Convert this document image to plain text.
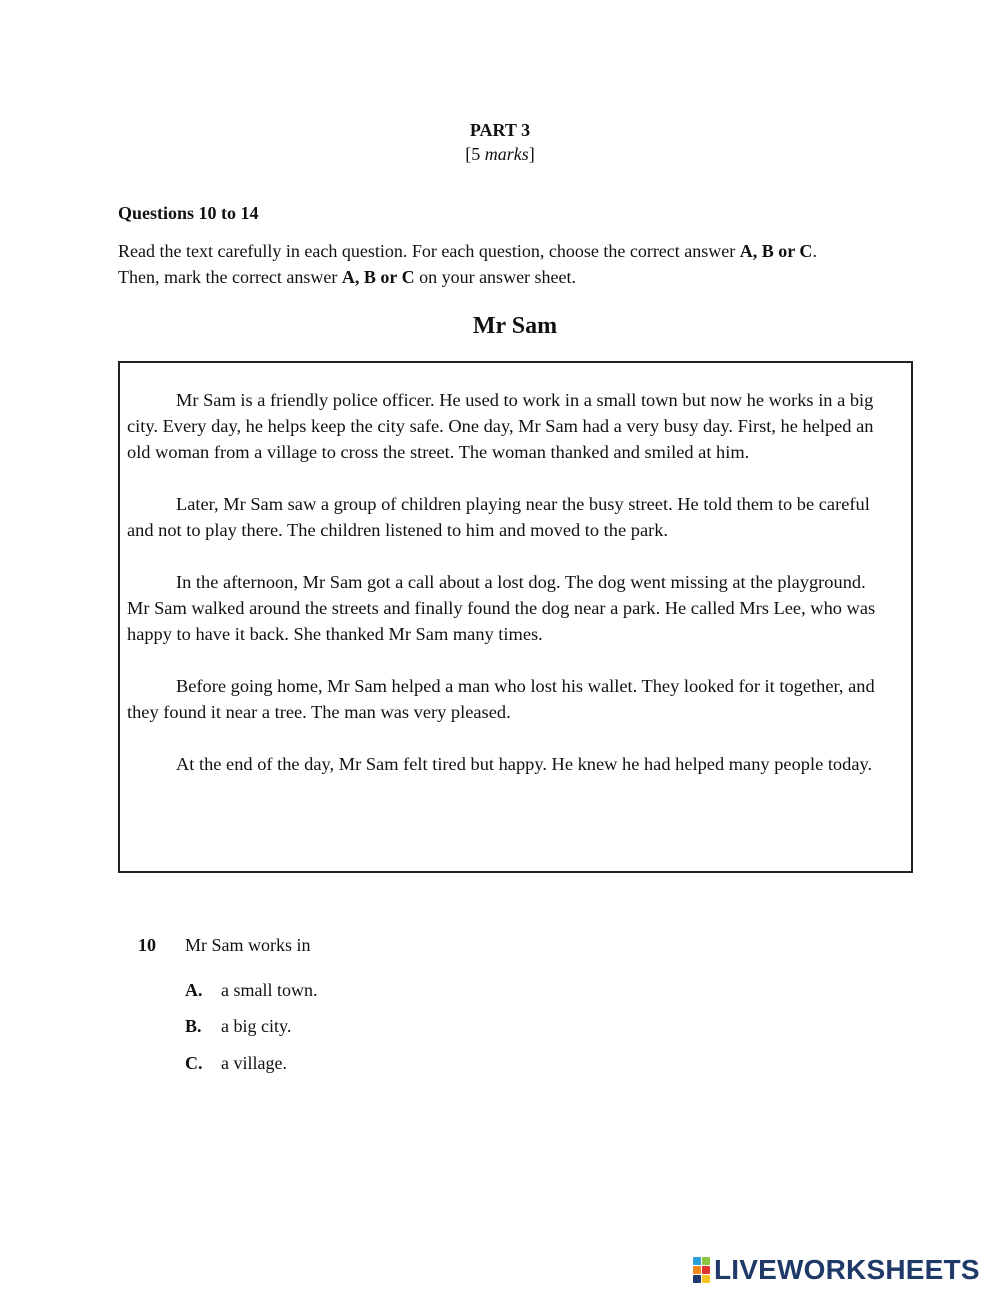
PART 3
[5 marks]
Questions 10 to 14
Read the text carefully in each question. For each question, choose the correct answer A, B or C.
Then, mark the correct answer A, B or C on your answer sheet.
Mr Sam

Mr Sam is a friendly police officer. He used to work in a small town but now he works in a big city. Every day, he helps keep the city safe. One day, Mr Sam had a very busy day. First, he helped an old woman from a village to cross the street. The woman thanked and smiled at him.

Later, Mr Sam saw a group of children playing near the busy street. He told them to be careful and not to play there. The children listened to him and moved to the park.

In the afternoon, Mr Sam got a call about a lost dog. The dog went missing at the playground. Mr Sam walked around the streets and finally found the dog near a park. He called Mrs Lee, who was happy to have it back. She thanked Mr Sam many times.

Before going home, Mr Sam helped a man who lost his wallet. They looked for it together, and they found it near a tree. The man was very pleased.

At the end of the day, Mr Sam felt tired but happy. He knew he had helped many people today.

10 Mr Sam works in
A. a small town.
B. a big city.
C. a village.
LIVEWORKSHEETS
